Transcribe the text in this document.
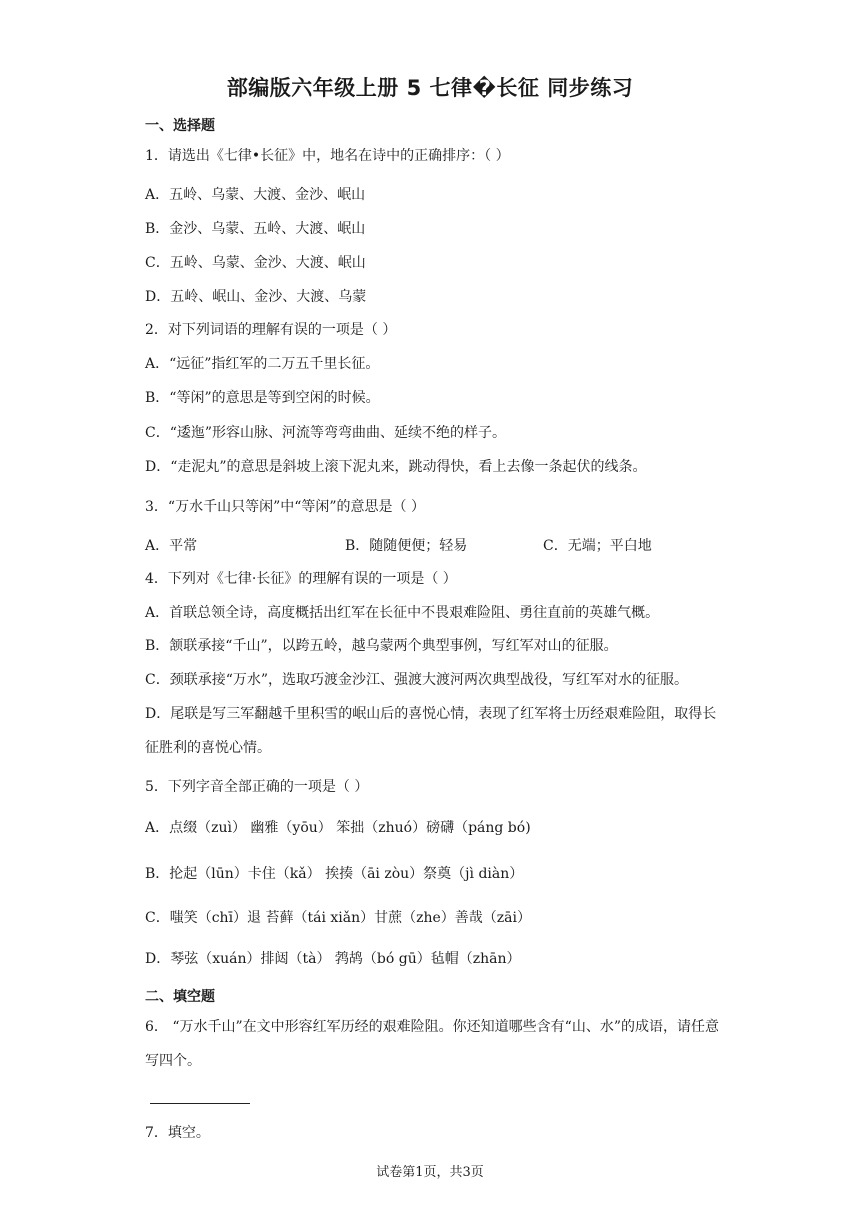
部编版六年级上册 5 七律�长征 同步练习
一、选择题
1．请选出《七律•长征》中，地名在诗中的正确排序：（ ）
A．五岭、乌蒙、大渡、金沙、岷山
B．金沙、乌蒙、五岭、大渡、岷山
C．五岭、乌蒙、金沙、大渡、岷山
D．五岭、岷山、金沙、大渡、乌蒙
2．对下列词语的理解有误的一项是（ ）
A．“远征”指红军的二万五千里长征。
B．“等闲”的意思是等到空闲的时候。
C．“逶迤”形容山脉、河流等弯弯曲曲、延续不绝的样子。
D．“走泥丸”的意思是斜坡上滚下泥丸来，跳动得快，看上去像一条起伏的线条。
3．“万水千山只等闲”中“等闲”的意思是（ ）
A．平常	B．随随便便；轻易	C．无端；平白地
4．下列对《七律·长征》的理解有误的一项是（ ）
A．首联总领全诗，高度概括出红军在长征中不畏艰难险阻、勇往直前的英雄气概。
B．颔联承接“千山”，以跨五岭，越乌蒙两个典型事例，写红军对山的征服。
C．颈联承接“万水”，选取巧渡金沙江、强渡大渡河两次典型战役，写红军对水的征服。
D．尾联是写三军翻越千里积雪的岷山后的喜悦心情，表现了红军将士历经艰难险阻，取得长征胜利的喜悦心情。
5．下列字音全部正确的一项是（ ）
A．点缀（zuì） 幽雅（yōu） 笨拙（zhuó）磅礴（páng bó)
B．抡起（lūn）卡住（kǎ） 挨揍（āi zòu）祭奠（jì diàn）
C．嗤笑（chī）退 苔藓（tái xiǎn）甘蔗（zhe）善哉（zāi）
D．琴弦（xuán）排闼（tà） 鹁鸪（bó gū）毡帽（zhān）
二、填空题
6． “万水千山”在文中形容红军历经的艰难险阻。你还知道哪些含有“山、水”的成语，请任意写四个。
7．填空。
试卷第1页，共3页
